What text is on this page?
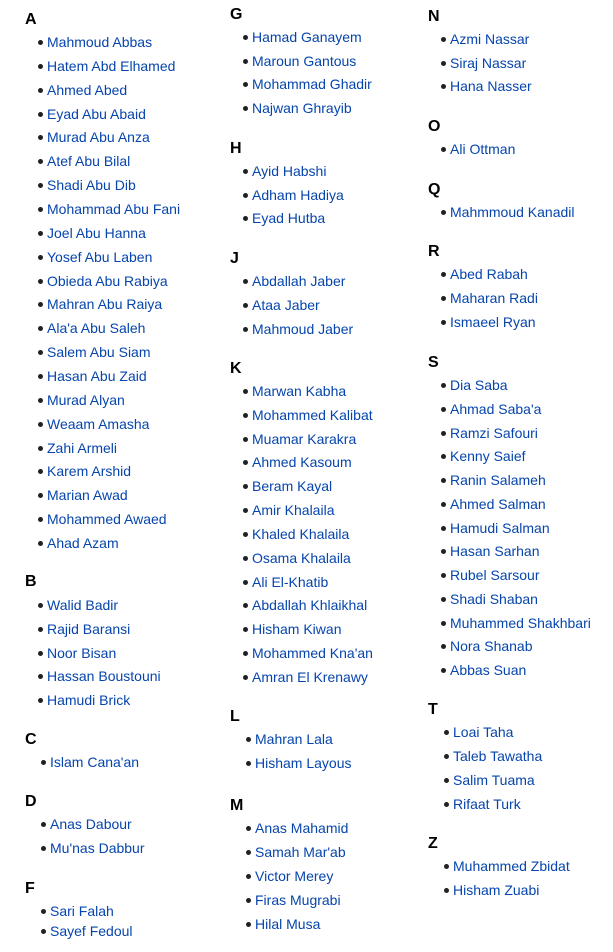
A
Mahmoud Abbas
Hatem Abd Elhamed
Ahmed Abed
Eyad Abu Abaid
Murad Abu Anza
Atef Abu Bilal
Shadi Abu Dib
Mohammad Abu Fani
Joel Abu Hanna
Yosef Abu Laben
Obieda Abu Rabiya
Mahran Abu Raiya
Ala'a Abu Saleh
Salem Abu Siam
Hasan Abu Zaid
Murad Alyan
Weaam Amasha
Zahi Armeli
Karem Arshid
Marian Awad
Mohammed Awaed
Ahad Azam
B
Walid Badir
Rajid Baransi
Noor Bisan
Hassan Boustouni
Hamudi Brick
C
Islam Cana'an
D
Anas Dabour
Mu'nas Dabbur
F
Sari Falah
Sayef Fedoul
G
Hamad Ganayem
Maroun Gantous
Mohammad Ghadir
Najwan Ghrayib
H
Ayid Habshi
Adham Hadiya
Eyad Hutba
J
Abdallah Jaber
Ataa Jaber
Mahmoud Jaber
K
Marwan Kabha
Mohammed Kalibat
Muamar Karakra
Ahmed Kasoum
Beram Kayal
Amir Khalaila
Khaled Khalaila
Osama Khalaila
Ali El-Khatib
Abdallah Khlaikhal
Hisham Kiwan
Mohammed Kna'an
Amran El Krenawy
L
Mahran Lala
Hisham Layous
M
Anas Mahamid
Samah Mar'ab
Victor Merey
Firas Mugrabi
Hilal Musa
N
Azmi Nassar
Siraj Nassar
Hana Nasser
O
Ali Ottman
Q
Mahmmoud Kanadil
R
Abed Rabah
Maharan Radi
Ismaeel Ryan
S
Dia Saba
Ahmad Saba'a
Ramzi Safouri
Kenny Saief
Ranin Salameh
Ahmed Salman
Hamudi Salman
Hasan Sarhan
Rubel Sarsour
Shadi Shaban
Muhammed Shakhbari
Nora Shanab
Abbas Suan
T
Loai Taha
Taleb Tawatha
Salim Tuama
Rifaat Turk
Z
Muhammed Zbidat
Hisham Zuabi
